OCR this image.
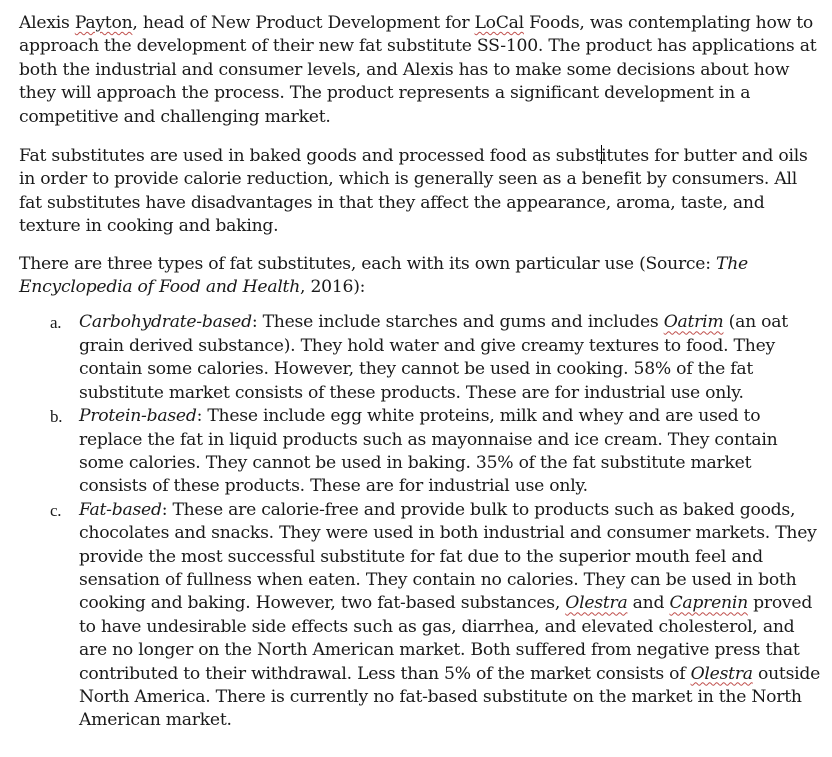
Alexis Payton, head of New Product Development for LoCal Foods, was contemplating how to approach the development of their new fat substitute SS-100. The product has applications at both the industrial and consumer levels, and Alexis has to make some decisions about how they will approach the process. The product represents a significant development in a competitive and challenging market.

Fat substitutes are used in baked goods and processed food as substitutes for butter and oils in order to provide calorie reduction, which is generally seen as a benefit by consumers. All fat substitutes have disadvantages in that they affect the appearance, aroma, taste, and texture in cooking and baking.

There are three types of fat substitutes, each with its own particular use (Source: The Encyclopedia of Food and Health, 2016):

a.	Carbohydrate-based: These include starches and gums and includes Oatrim (an oat grain derived substance). They hold water and give creamy textures to food. They contain some calories. However, they cannot be used in cooking. 58% of the fat substitute market consists of these products. These are for industrial use only.
b. Protein-based: These include egg white proteins, milk and whey and are used to replace the fat in liquid products such as mayonnaise and ice cream. They contain some calories. They cannot be used in baking. 35% of the fat substitute market consists of these products. These are for industrial use only.
c.	Fat-based: These are calorie-free and provide bulk to products such as baked goods, chocolates and snacks. They were used in both industrial and consumer markets. They provide the most successful substitute for fat due to the superior mouth feel and sensation of fullness when eaten. They contain no calories. They can be used in both cooking and baking. However, two fat-based substances, Olestra and Caprenin proved to have undesirable side effects such as gas, diarrhea, and elevated cholesterol, and are no longer on the North American market. Both suffered from negative press that contributed to their withdrawal. Less than 5% of the market consists of Olestra outside North America. There is currently no fat-based substitute on the market in the North American market.
